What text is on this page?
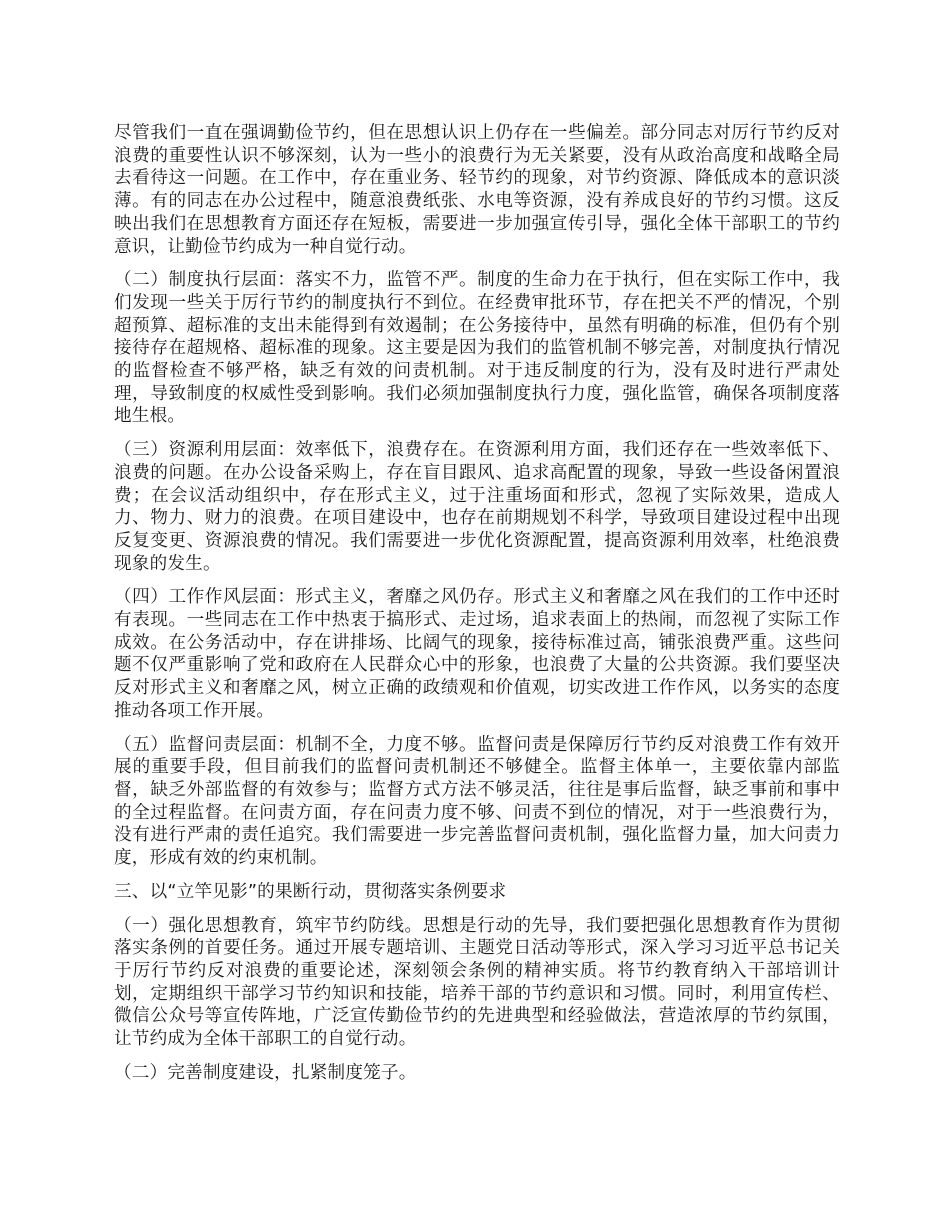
尽管我们一直在强调勤俭节约，但在思想认识上仍存在一些偏差。部分同志对厉行节约反对浪费的重要性认识不够深刻，认为一些小的浪费行为无关紧要，没有从政治高度和战略全局去看待这一问题。在工作中，存在重业务、轻节约的现象，对节约资源、降低成本的意识淡薄。有的同志在办公过程中，随意浪费纸张、水电等资源，没有养成良好的节约习惯。这反映出我们在思想教育方面还存在短板，需要进一步加强宣传引导，强化全体干部职工的节约意识，让勤俭节约成为一种自觉行动。

（二）制度执行层面：落实不力，监管不严。制度的生命力在于执行，但在实际工作中，我们发现一些关于厉行节约的制度执行不到位。在经费审批环节，存在把关不严的情况，个别超预算、超标准的支出未能得到有效遏制；在公务接待中，虽然有明确的标准，但仍有个别接待存在超规格、超标准的现象。这主要是因为我们的监管机制不够完善，对制度执行情况的监督检查不够严格，缺乏有效的问责机制。对于违反制度的行为，没有及时进行严肃处理，导致制度的权威性受到影响。我们必须加强制度执行力度，强化监管，确保各项制度落地生根。

（三）资源利用层面：效率低下，浪费存在。在资源利用方面，我们还存在一些效率低下、浪费的问题。在办公设备采购上，存在盲目跟风、追求高配置的现象，导致一些设备闲置浪费；在会议活动组织中，存在形式主义，过于注重场面和形式，忽视了实际效果，造成人力、物力、财力的浪费。在项目建设中，也存在前期规划不科学，导致项目建设过程中出现反复变更、资源浪费的情况。我们需要进一步优化资源配置，提高资源利用效率，杜绝浪费现象的发生。

（四）工作作风层面：形式主义，奢靡之风仍存。形式主义和奢靡之风在我们的工作中还时有表现。一些同志在工作中热衷于搞形式、走过场，追求表面上的热闹，而忽视了实际工作成效。在公务活动中，存在讲排场、比阔气的现象，接待标准过高，铺张浪费严重。这些问题不仅严重影响了党和政府在人民群众心中的形象，也浪费了大量的公共资源。我们要坚决反对形式主义和奢靡之风，树立正确的政绩观和价值观，切实改进工作作风，以务实的态度推动各项工作开展。

（五）监督问责层面：机制不全，力度不够。监督问责是保障厉行节约反对浪费工作有效开展的重要手段，但目前我们的监督问责机制还不够健全。监督主体单一，主要依靠内部监督，缺乏外部监督的有效参与；监督方式方法不够灵活，往往是事后监督，缺乏事前和事中的全过程监督。在问责方面，存在问责力度不够、问责不到位的情况，对于一些浪费行为，没有进行严肃的责任追究。我们需要进一步完善监督问责机制，强化监督力量，加大问责力度，形成有效的约束机制。

三、以“立竿见影”的果断行动，贯彻落实条例要求

（一）强化思想教育，筑牢节约防线。思想是行动的先导，我们要把强化思想教育作为贯彻落实条例的首要任务。通过开展专题培训、主题党日活动等形式，深入学习习近平总书记关于厉行节约反对浪费的重要论述，深刻领会条例的精神实质。将节约教育纳入干部培训计划，定期组织干部学习节约知识和技能，培养干部的节约意识和习惯。同时，利用宣传栏、微信公众号等宣传阵地，广泛宣传勤俭节约的先进典型和经验做法，营造浓厚的节约氛围，让节约成为全体干部职工的自觉行动。

（二）完善制度建设，扎紧制度笼子。
